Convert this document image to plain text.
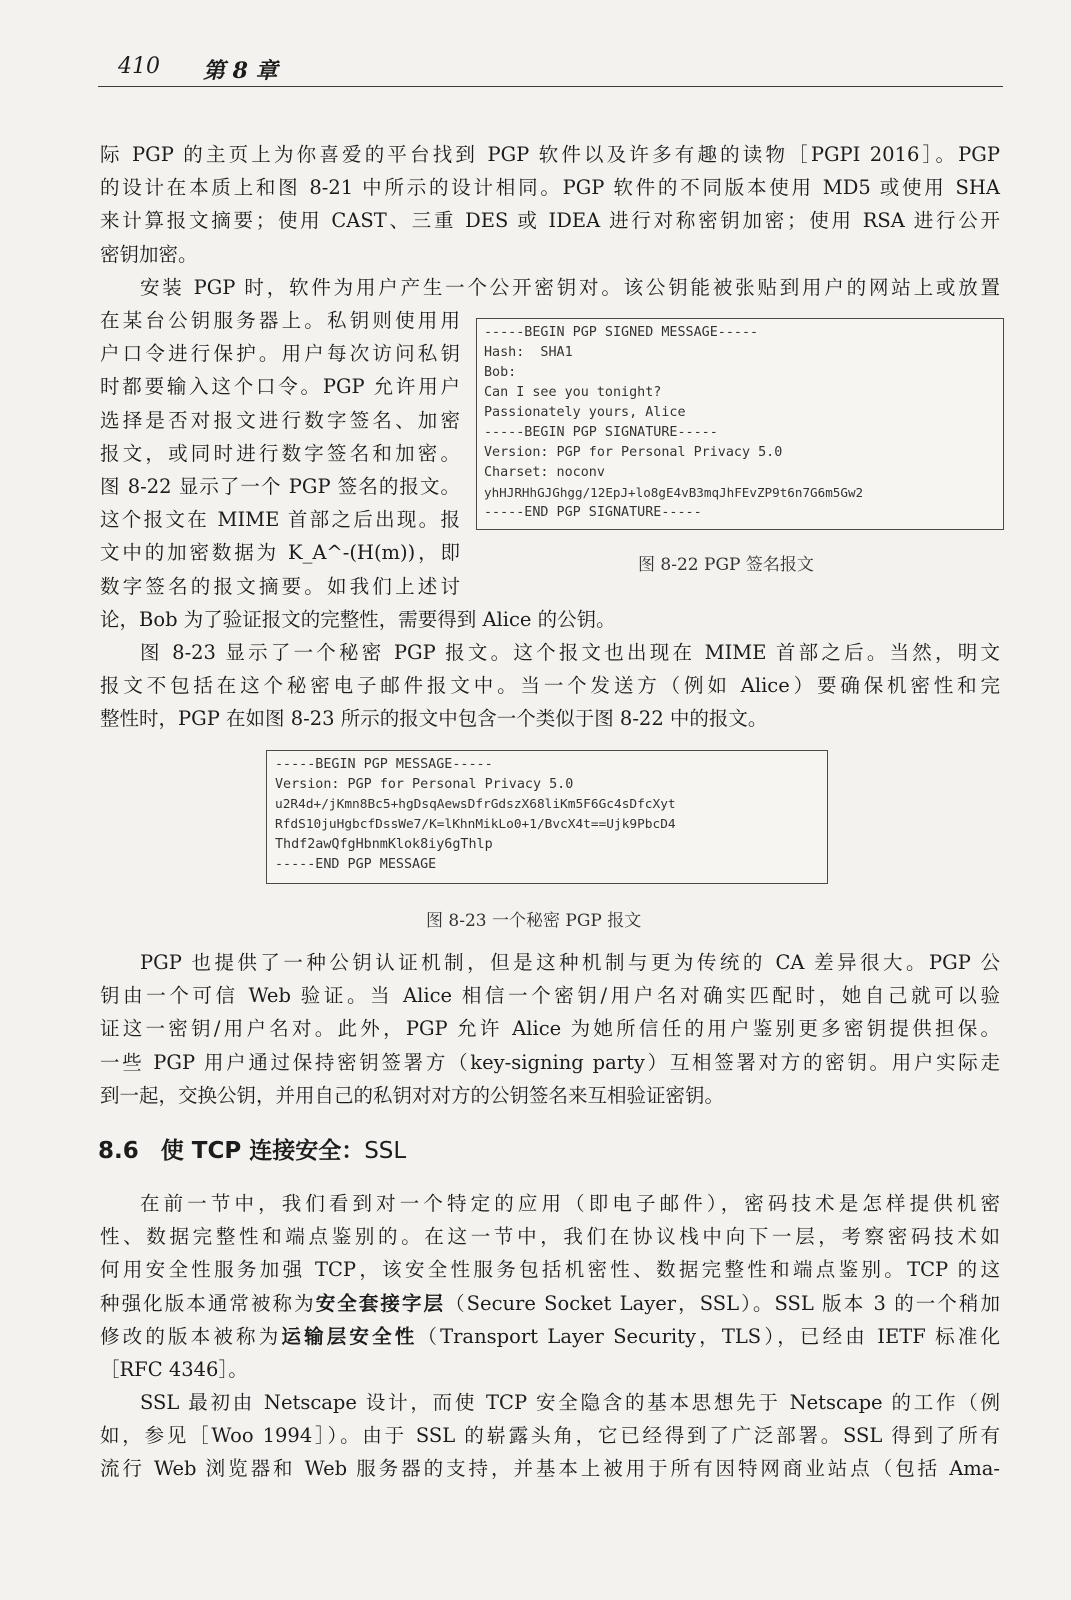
410 第 8 章
际 PGP 的主页上为你喜爱的平台找到 PGP 软件以及许多有趣的读物［PGPI 2016］。PGP
的设计在本质上和图 8-21 中所示的设计相同。PGP 软件的不同版本使用 MD5 或使用 SHA
来计算报文摘要；使用 CAST、三重 DES 或 IDEA 进行对称密钥加密；使用 RSA 进行公开
密钥加密。
安装 PGP 时，软件为用户产生一个公开密钥对。该公钥能被张贴到用户的网站上或放置
在某台公钥服务器上。私钥则使用用
户口令进行保护。用户每次访问私钥
时都要输入这个口令。PGP 允许用户
选择是否对报文进行数字签名、加密
报文，或同时进行数字签名和加密。
图 8-22 显示了一个 PGP 签名的报文。
这个报文在 MIME 首部之后出现。报
文中的加密数据为 K_A^-(H(m))，即
数字签名的报文摘要。如我们上述讨
论，Bob 为了验证报文的完整性，需要得到 Alice 的公钥。
-----BEGIN PGP SIGNED MESSAGE-----
Hash:  SHA1
Bob:
Can I see you tonight?
Passionately yours, Alice
-----BEGIN PGP SIGNATURE-----
Version: PGP for Personal Privacy 5.0
Charset: noconv
yhHJRHhGJGhgg/12EpJ+lo8gE4vB3mqJhFEvZP9t6n7G6m5Gw2
-----END PGP SIGNATURE-----
图 8-22 PGP 签名报文
图 8-23 显示了一个秘密 PGP 报文。这个报文也出现在 MIME 首部之后。当然，明文
报文不包括在这个秘密电子邮件报文中。当一个发送方（例如 Alice）要确保机密性和完
整性时，PGP 在如图 8-23 所示的报文中包含一个类似于图 8-22 中的报文。
-----BEGIN PGP MESSAGE-----
Version: PGP for Personal Privacy 5.0
u2R4d+/jKmn8Bc5+hgDsqAewsDfrGdszX68liKm5F6Gc4sDfcXyt
RfdS10juHgbcfDssWe7/K=lKhnMikLo0+1/BvcX4t==Ujk9PbcD4
Thdf2awQfgHbnmKlok8iy6gThlp
-----END PGP MESSAGE
图 8-23 一个秘密 PGP 报文
PGP 也提供了一种公钥认证机制，但是这种机制与更为传统的 CA 差异很大。PGP 公
钥由一个可信 Web 验证。当 Alice 相信一个密钥/用户名对确实匹配时，她自己就可以验
证这一密钥/用户名对。此外，PGP 允许 Alice 为她所信任的用户鉴别更多密钥提供担保。
一些 PGP 用户通过保持密钥签署方（key-signing party）互相签署对方的密钥。用户实际走
到一起，交换公钥，并用自己的私钥对对方的公钥签名来互相验证密钥。
8.6 使 TCP 连接安全：SSL
在前一节中，我们看到对一个特定的应用（即电子邮件），密码技术是怎样提供机密
性、数据完整性和端点鉴别的。在这一节中，我们在协议栈中向下一层，考察密码技术如
何用安全性服务加强 TCP，该安全性服务包括机密性、数据完整性和端点鉴别。TCP 的这
种强化版本通常被称为安全套接字层（Secure Socket Layer，SSL）。SSL 版本 3 的一个稍加
修改的版本被称为运输层安全性（Transport Layer Security，TLS），已经由 IETF 标准化
［RFC 4346］。
SSL 最初由 Netscape 设计，而使 TCP 安全隐含的基本思想先于 Netscape 的工作（例
如，参见［Woo 1994］）。由于 SSL 的崭露头角，它已经得到了广泛部署。SSL 得到了所有
流行 Web 浏览器和 Web 服务器的支持，并基本上被用于所有因特网商业站点（包括 Ama-
